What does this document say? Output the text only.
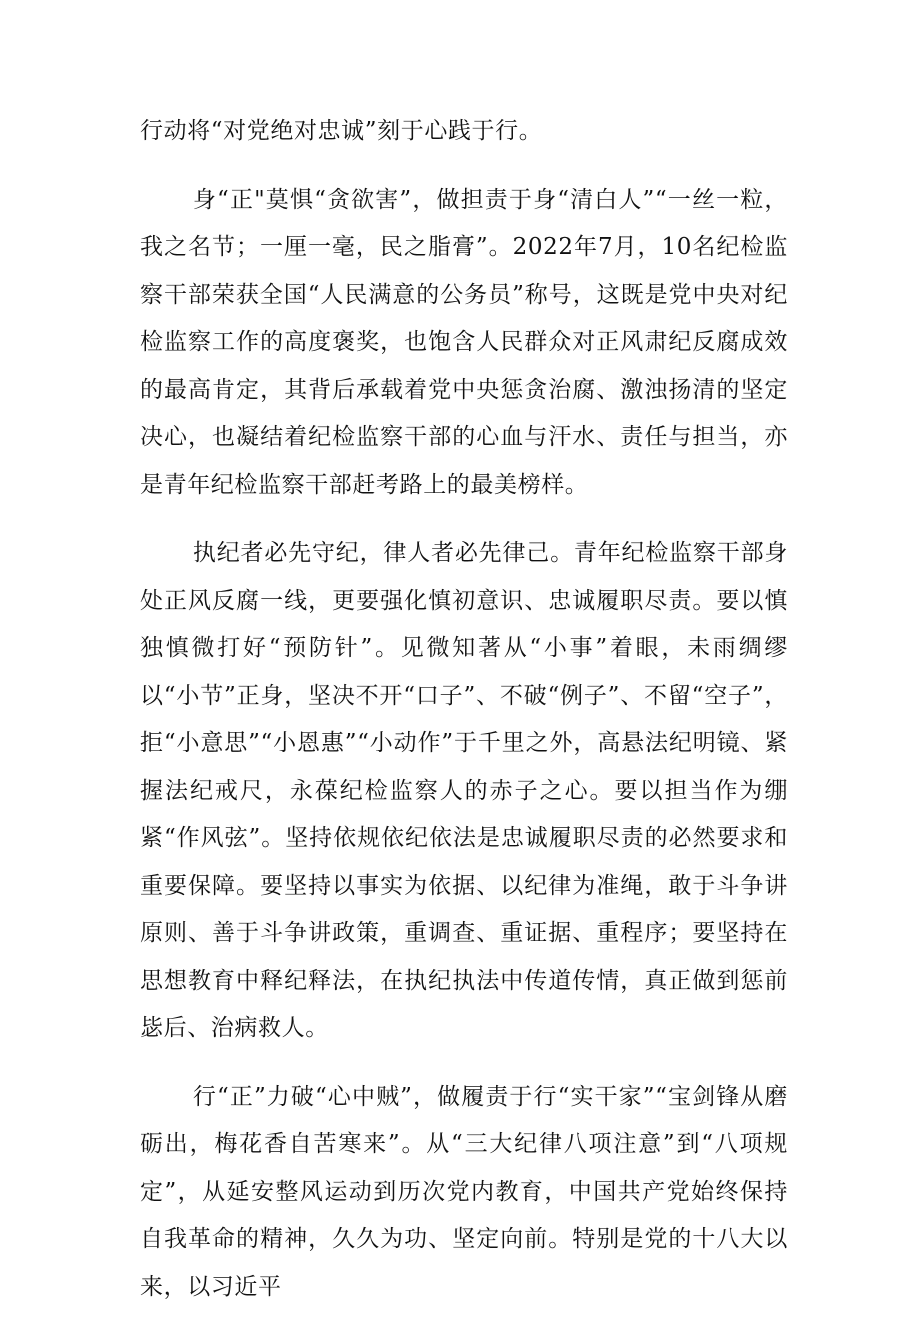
行动将“对党绝对忠诚”刻于心践于行。

身“正"莫惧“贪欲害”，做担责于身“清白人”“一丝一粒，我之名节；一厘一毫，民之脂膏”。2022年7月，10名纪检监察干部荣获全国“人民满意的公务员”称号，这既是党中央对纪检监察工作的高度褒奖，也饱含人民群众对正风肃纪反腐成效的最高肯定，其背后承载着党中央惩贪治腐、激浊扬清的坚定决心，也凝结着纪检监察干部的心血与汗水、责任与担当，亦是青年纪检监察干部赶考路上的最美榜样。

执纪者必先守纪，律人者必先律己。青年纪检监察干部身处正风反腐一线，更要强化慎初意识、忠诚履职尽责。要以慎独慎微打好“预防针”。见微知著从“小事”着眼，未雨绸缪以“小节”正身，坚决不开“口子”、不破“例子”、不留“空子”，拒“小意思”“小恩惠”“小动作”于千里之外，高悬法纪明镜、紧握法纪戒尺，永葆纪检监察人的赤子之心。要以担当作为绷紧“作风弦”。坚持依规依纪依法是忠诚履职尽责的必然要求和重要保障。要坚持以事实为依据、以纪律为准绳，敢于斗争讲原则、善于斗争讲政策，重调查、重证据、重程序；要坚持在思想教育中释纪释法，在执纪执法中传道传情，真正做到惩前毖后、治病救人。

行“正”力破“心中贼”，做履责于行“实干家”“宝剑锋从磨砺出，梅花香自苦寒来”。从“三大纪律八项注意”到“八项规定”，从延安整风运动到历次党内教育，中国共产党始终保持自我革命的精神，久久为功、坚定向前。特别是党的十八大以来，以习近平
